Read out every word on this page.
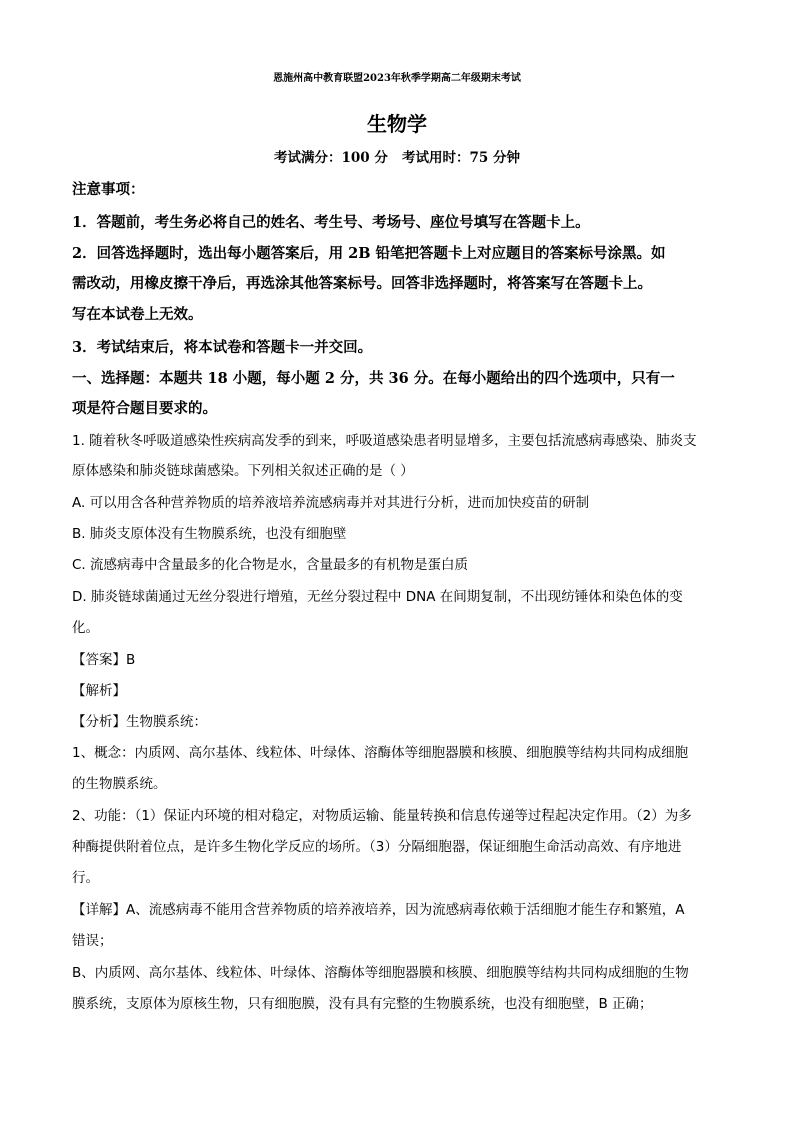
恩施州高中教育联盟2023年秋季学期高二年级期末考试
生物学
考试满分：100 分   考试用时：75 分钟
注意事项：
1．答题前，考生务必将自己的姓名、考生号、考场号、座位号填写在答题卡上。
2．回答选择题时，选出每小题答案后，用 2B 铅笔把答题卡上对应题目的答案标号涂黑。如
需改动，用橡皮擦干净后，再选涂其他答案标号。回答非选择题时，将答案写在答题卡上。
写在本试卷上无效。
3．考试结束后，将本试卷和答题卡一并交回。
一、选择题：本题共 18 小题，每小题 2 分，共 36 分。在每小题给出的四个选项中，只有一
项是符合题目要求的。
1. 随着秋冬呼吸道感染性疾病高发季的到来，呼吸道感染患者明显增多，主要包括流感病毒感染、肺炎支
原体感染和肺炎链球菌感染。下列相关叙述正确的是（ ）
A. 可以用含各种营养物质的培养液培养流感病毒并对其进行分析，进而加快疫苗的研制
B. 肺炎支原体没有生物膜系统，也没有细胞壁
C. 流感病毒中含量最多的化合物是水，含量最多的有机物是蛋白质
D. 肺炎链球菌通过无丝分裂进行增殖，无丝分裂过程中 DNA 在间期复制，不出现纺锤体和染色体的变
化。
【答案】B
【解析】
【分析】生物膜系统：
1、概念：内质网、高尔基体、线粒体、叶绿体、溶酶体等细胞器膜和核膜、细胞膜等结构共同构成细胞
的生物膜系统。
2、功能：（1）保证内环境的相对稳定，对物质运输、能量转换和信息传递等过程起决定作用。（2）为多
种酶提供附着位点，是许多生物化学反应的场所。（3）分隔细胞器，保证细胞生命活动高效、有序地进
行。
【详解】A、流感病毒不能用含营养物质的培养液培养，因为流感病毒依赖于活细胞才能生存和繁殖，A
错误；
B、内质网、高尔基体、线粒体、叶绿体、溶酶体等细胞器膜和核膜、细胞膜等结构共同构成细胞的生物
膜系统，支原体为原核生物，只有细胞膜，没有具有完整的生物膜系统，也没有细胞壁，B 正确；
